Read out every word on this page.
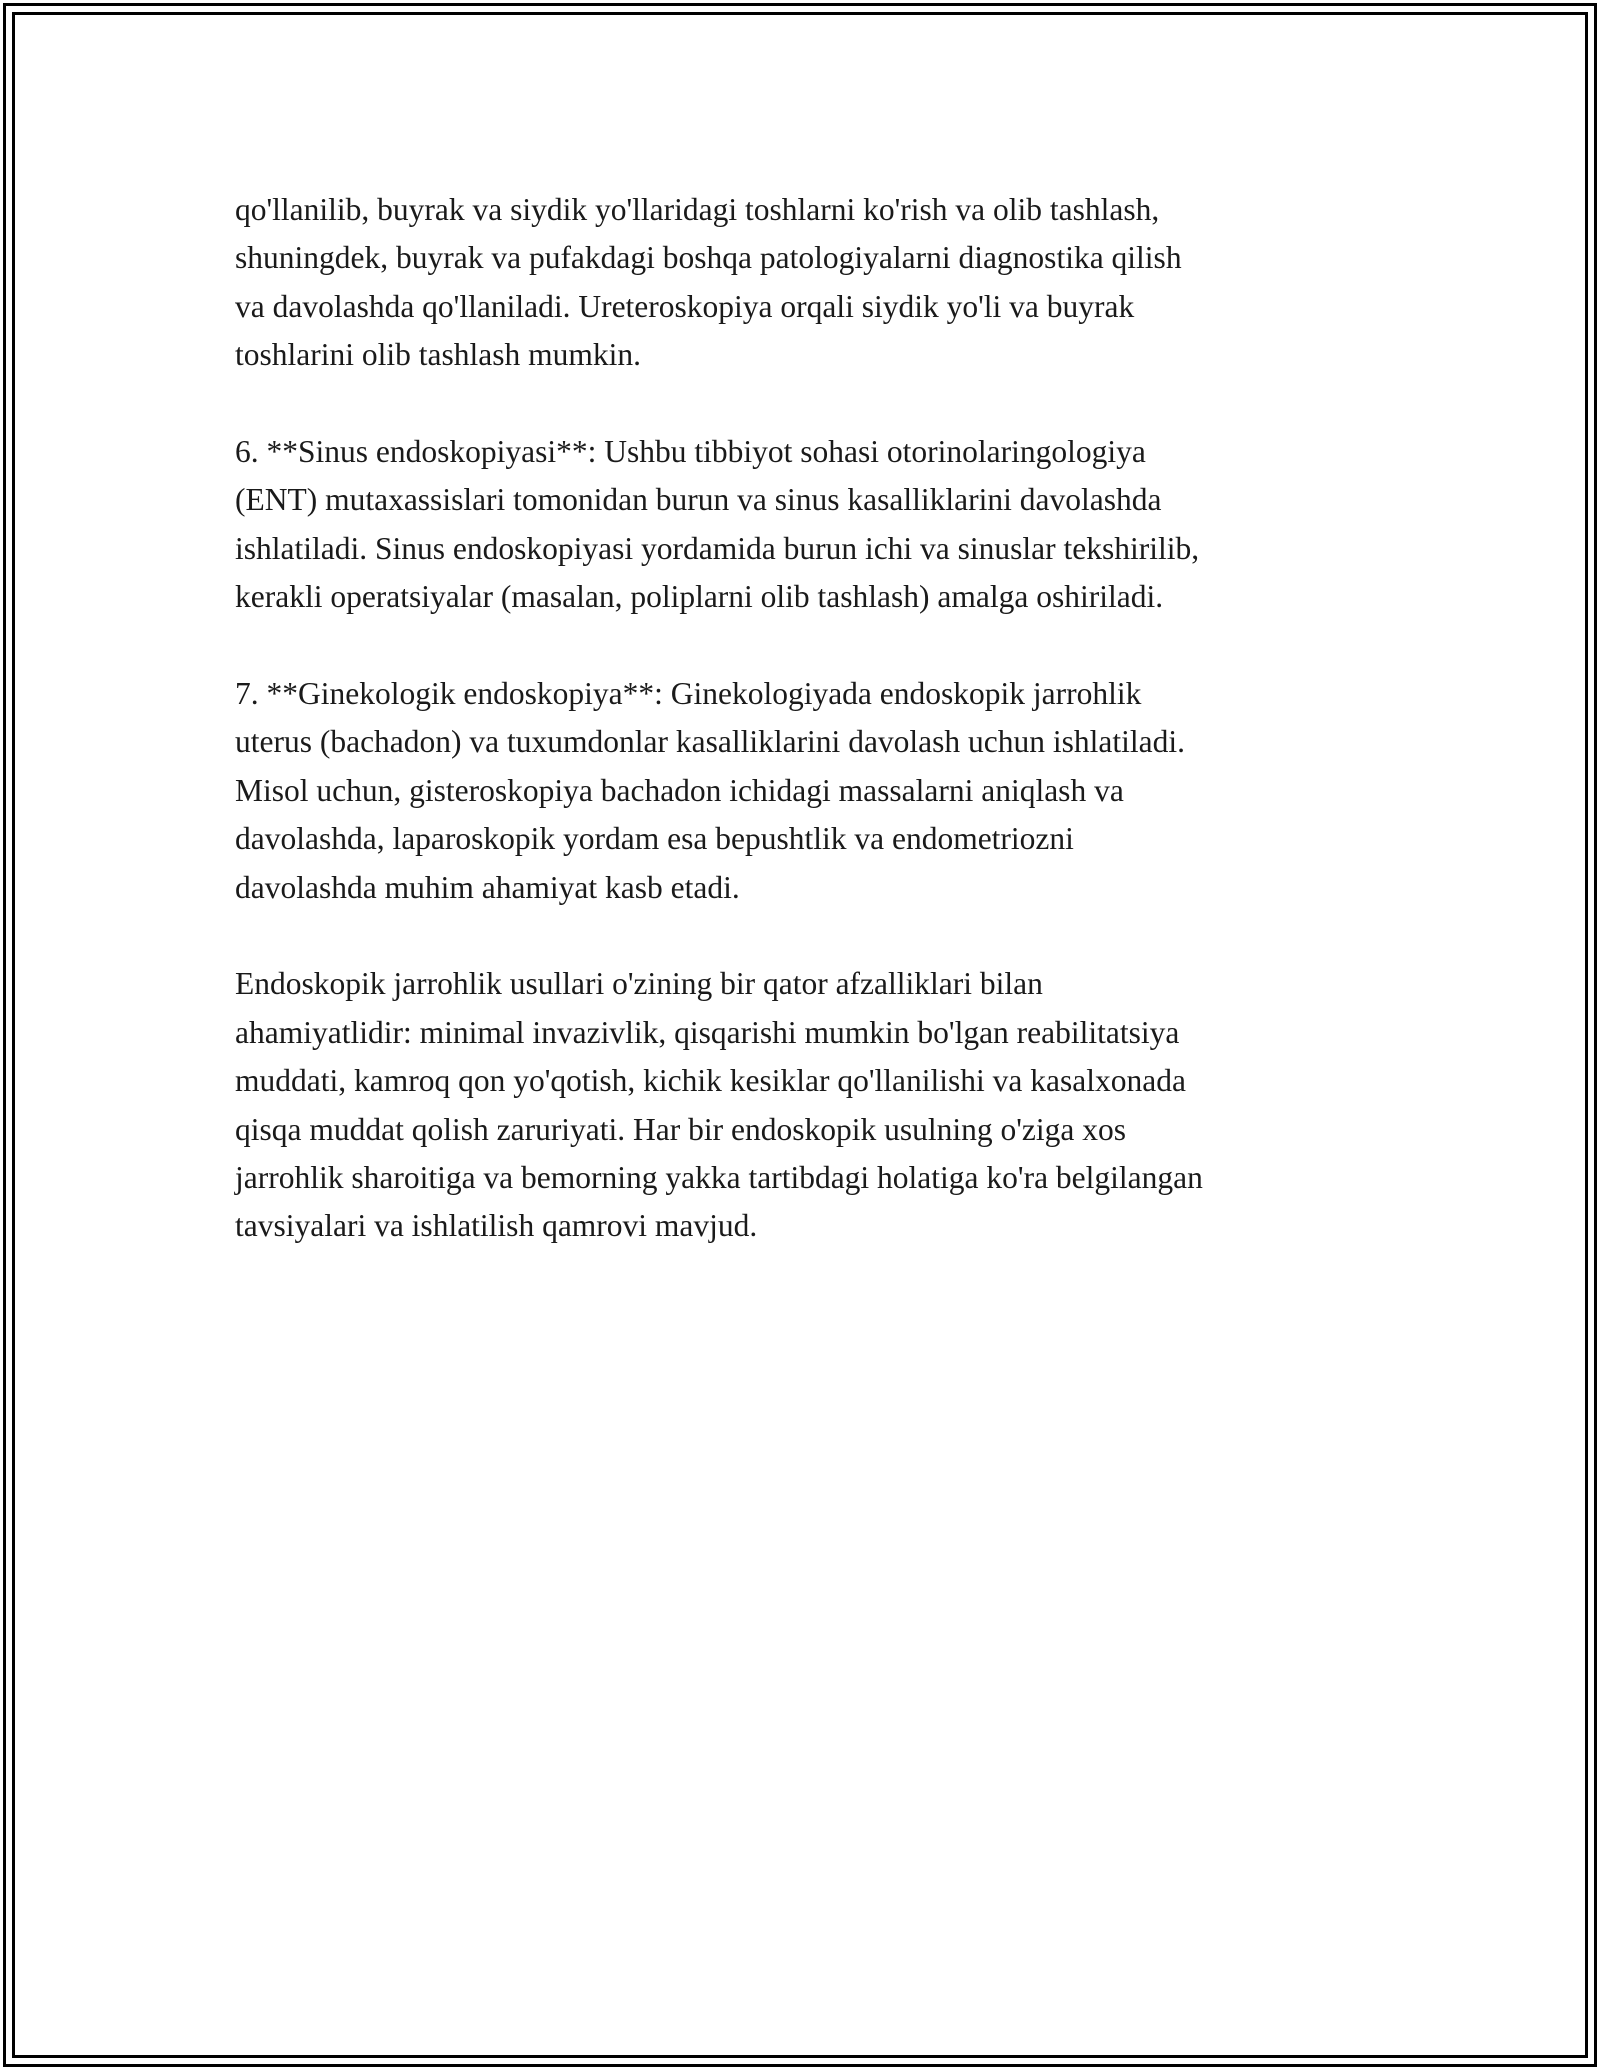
qo'llanilib, buyrak va siydik yo'llaridagi toshlarni ko'rish va olib tashlash,
shuningdek, buyrak va pufakdagi boshqa patologiyalarni diagnostika qilish
va davolashda qo'llaniladi. Ureteroskopiya orqali siydik yo'li va buyrak
toshlarini olib tashlash mumkin.

6. **Sinus endoskopiyasi**: Ushbu tibbiyot sohasi otorinolaringologiya
(ENT) mutaxassislari tomonidan burun va sinus kasalliklarini davolashda
ishlatiladi. Sinus endoskopiyasi yordamida burun ichi va sinuslar tekshirilib,
kerakli operatsiyalar (masalan, poliplarni olib tashlash) amalga oshiriladi.

7. **Ginekologik endoskopiya**: Ginekologiyada endoskopik jarrohlik
uterus (bachadon) va tuxumdonlar kasalliklarini davolash uchun ishlatiladi.
Misol uchun, gisteroskopiya bachadon ichidagi massalarni aniqlash va
davolashda, laparoskopik yordam esa bepushtlik va endometriozni
davolashda muhim ahamiyat kasb etadi.

Endoskopik jarrohlik usullari o'zining bir qator afzalliklari bilan
ahamiyatlidir: minimal invazivlik, qisqarishi mumkin bo'lgan reabilitatsiya
muddati, kamroq qon yo'qotish, kichik kesiklar qo'llanilishi va kasalxonada
qisqa muddat qolish zaruriyati. Har bir endoskopik usulning o'ziga xos
jarrohlik sharoitiga va bemorning yakka tartibdagi holatiga ko'ra belgilangan
tavsiyalari va ishlatilish qamrovi mavjud.
